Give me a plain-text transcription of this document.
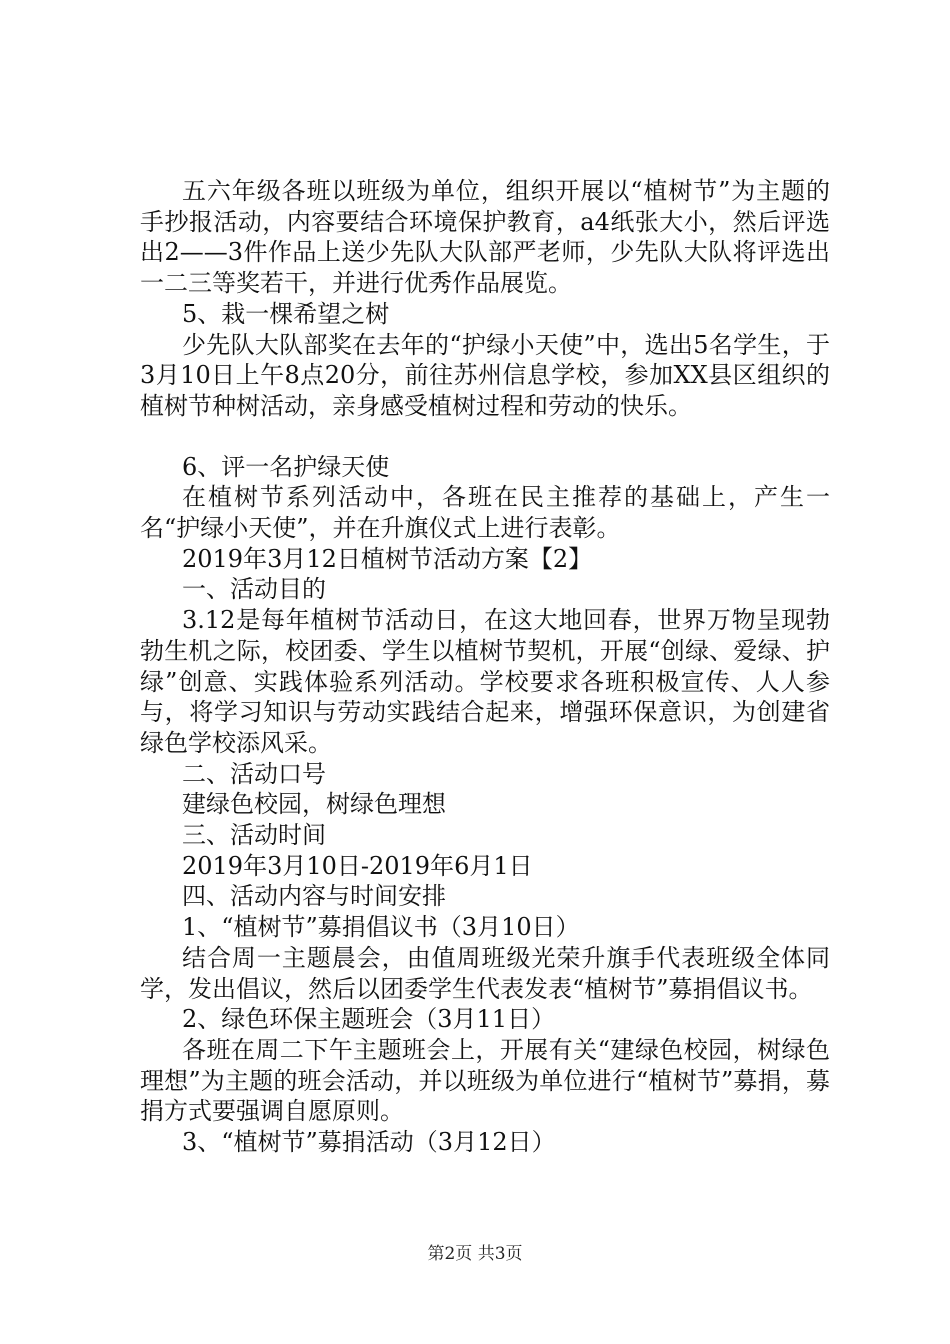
五六年级各班以班级为单位，组织开展以“植树节”为主题的手抄报活动，内容要结合环境保护教育，a4纸张大小，然后评选出2——3件作品上送少先队大队部严老师，少先队大队将评选出一二三等奖若干，并进行优秀作品展览。

5、栽一棵希望之树

少先队大队部奖在去年的“护绿小天使”中，选出5名学生，于3月10日上午8点20分，前往苏州信息学校，参加XX县区组织的植树节种树活动，亲身感受植树过程和劳动的快乐。

6、评一名护绿天使

在植树节系列活动中，各班在民主推荐的基础上，产生一名“护绿小天使”，并在升旗仪式上进行表彰。

2019年3月12日植树节活动方案【2】

一、活动目的

3.12是每年植树节活动日，在这大地回春，世界万物呈现勃勃生机之际，校团委、学生以植树节契机，开展“创绿、爱绿、护绿”创意、实践体验系列活动。学校要求各班积极宣传、人人参与，将学习知识与劳动实践结合起来，增强环保意识，为创建省绿色学校添风采。

二、活动口号

建绿色校园，树绿色理想

三、活动时间

2019年3月10日-2019年6月1日

四、活动内容与时间安排

1、“植树节”募捐倡议书（3月10日）

结合周一主题晨会，由值周班级光荣升旗手代表班级全体同学，发出倡议，然后以团委学生代表发表“植树节”募捐倡议书。

2、绿色环保主题班会（3月11日）

各班在周二下午主题班会上，开展有关“建绿色校园，树绿色理想”为主题的班会活动，并以班级为单位进行“植树节”募捐，募捐方式要强调自愿原则。

3、“植树节”募捐活动（3月12日）

第2页 共3页
